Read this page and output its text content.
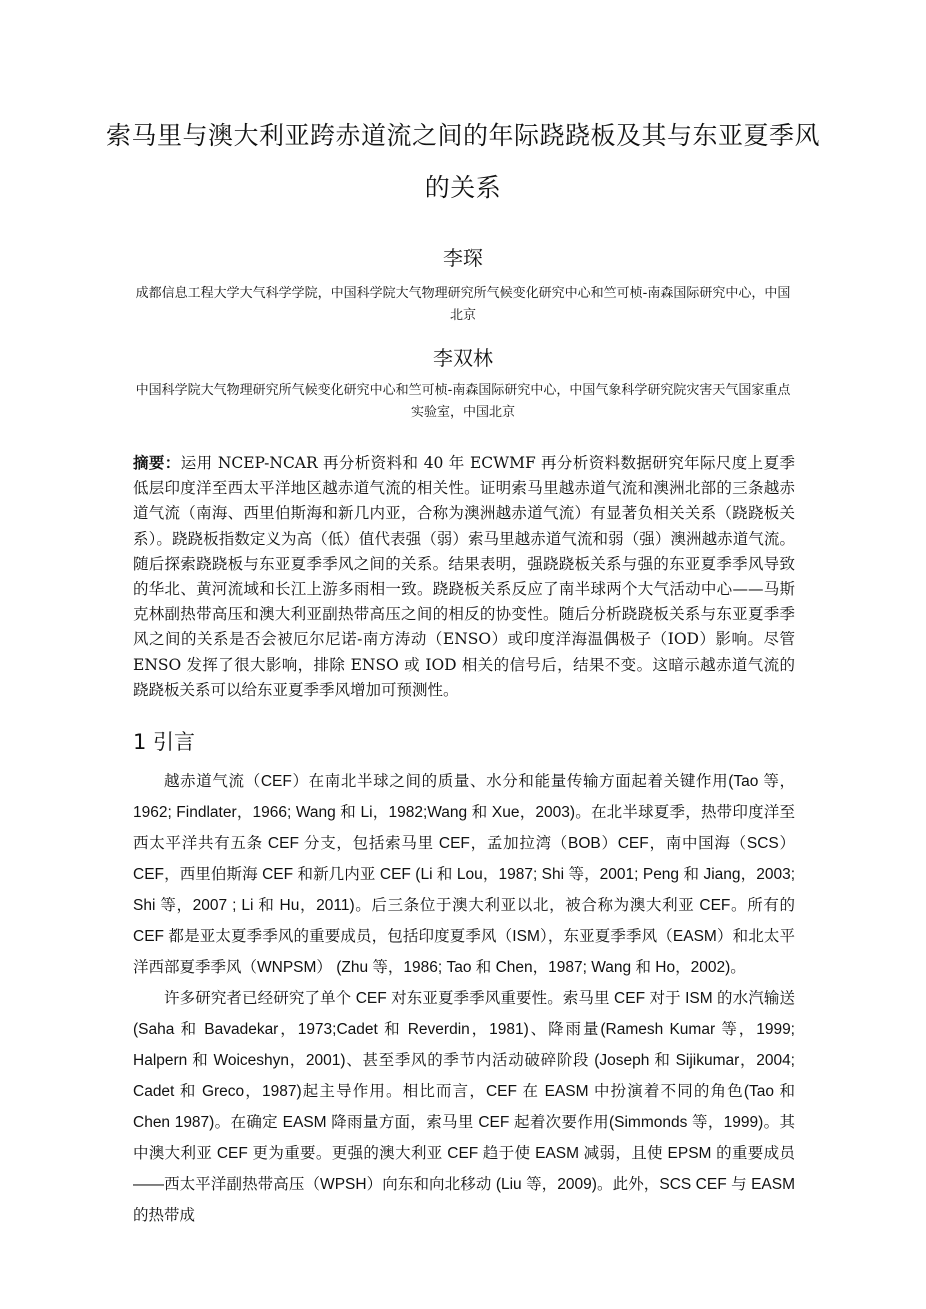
索马里与澳大利亚跨赤道流之间的年际跷跷板及其与东亚夏季风的关系
李琛
成都信息工程大学大气科学学院，中国科学院大气物理研究所气候变化研究中心和竺可桢-南森国际研究中心，中国北京
李双林
中国科学院大气物理研究所气候变化研究中心和竺可桢-南森国际研究中心，中国气象科学研究院灾害天气国家重点实验室，中国北京
摘要：运用 NCEP-NCAR 再分析资料和 40 年 ECWMF 再分析资料数据研究年际尺度上夏季低层印度洋至西太平洋地区越赤道气流的相关性。证明索马里越赤道气流和澳洲北部的三条越赤道气流（南海、西里伯斯海和新几内亚，合称为澳洲越赤道气流）有显著负相关关系（跷跷板关系）。跷跷板指数定义为高（低）值代表强（弱）索马里越赤道气流和弱（强）澳洲越赤道气流。随后探索跷跷板与东亚夏季季风之间的关系。结果表明，强跷跷板关系与强的东亚夏季季风导致的华北、黄河流域和长江上游多雨相一致。跷跷板关系反应了南半球两个大气活动中心——马斯克林副热带高压和澳大利亚副热带高压之间的相反的协变性。随后分析跷跷板关系与东亚夏季季风之间的关系是否会被厄尔尼诺-南方涛动（ENSO）或印度洋海温偶极子（IOD）影响。尽管 ENSO 发挥了很大影响，排除 ENSO 或 IOD 相关的信号后，结果不变。这暗示越赤道气流的跷跷板关系可以给东亚夏季季风增加可预测性。
1 引言

越赤道气流（CEF）在南北半球之间的质量、水分和能量传输方面起着关键作用(Tao 等，1962; Findlater，1966; Wang 和 Li，1982;Wang 和 Xue，2003)。在北半球夏季，热带印度洋至西太平洋共有五条 CEF 分支，包括索马里 CEF，孟加拉湾（BOB）CEF，南中国海（SCS）CEF，西里伯斯海 CEF 和新几内亚 CEF (Li 和 Lou，1987; Shi 等，2001; Peng 和 Jiang，2003; Shi 等，2007 ; Li 和 Hu，2011)。后三条位于澳大利亚以北，被合称为澳大利亚 CEF。所有的 CEF 都是亚太夏季季风的重要成员，包括印度夏季风（ISM），东亚夏季季风（EASM）和北太平洋西部夏季季风（WNPSM） (Zhu 等，1986; Tao 和 Chen，1987; Wang 和 Ho，2002)。

许多研究者已经研究了单个 CEF 对东亚夏季季风重要性。索马里 CEF 对于 ISM 的水汽输送(Saha 和 Bavadekar，1973;Cadet 和 Reverdin，1981)、降雨量(Ramesh Kumar 等，1999; Halpern 和 Woiceshyn，2001)、甚至季风的季节内活动破碎阶段 (Joseph 和 Sijikumar，2004; Cadet 和 Greco，1987)起主导作用。相比而言，CEF 在 EASM 中扮演着不同的角色(Tao 和 Chen 1987)。在确定 EASM 降雨量方面，索马里 CEF 起着次要作用(Simmonds 等，1999)。其中澳大利亚 CEF 更为重要。更强的澳大利亚 CEF 趋于使 EASM 减弱，且使 EPSM 的重要成员——西太平洋副热带高压（WPSH）向东和向北移动 (Liu 等，2009)。此外，SCS CEF 与 EASM 的热带成
